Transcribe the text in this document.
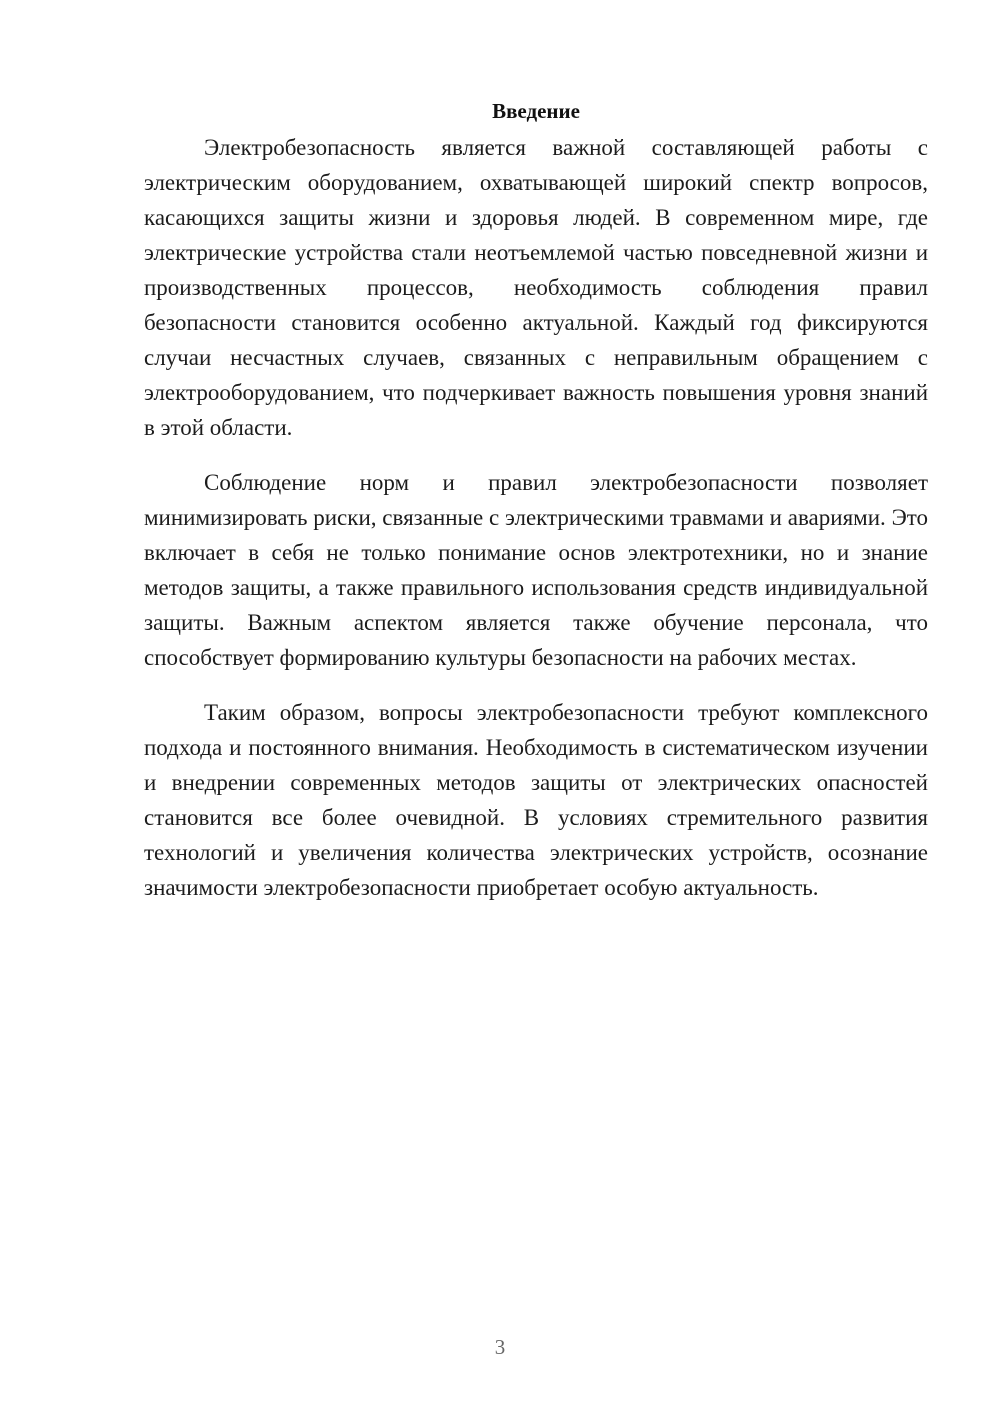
Введение

Электробезопасность является важной составляющей работы с электрическим оборудованием, охватывающей широкий спектр вопросов, касающихся защиты жизни и здоровья людей. В современном мире, где электрические устройства стали неотъемлемой частью повседневной жизни и производственных процессов, необходимость соблюдения правил безопасности становится особенно актуальной. Каждый год фиксируются случаи несчастных случаев, связанных с неправильным обращением с электрооборудованием, что подчеркивает важность повышения уровня знаний в этой области.

Соблюдение норм и правил электробезопасности позволяет минимизировать риски, связанные с электрическими травмами и авариями. Это включает в себя не только понимание основ электротехники, но и знание методов защиты, а также правильного использования средств индивидуальной защиты. Важным аспектом является также обучение персонала, что способствует формированию культуры безопасности на рабочих местах.

Таким образом, вопросы электробезопасности требуют комплексного подхода и постоянного внимания. Необходимость в систематическом изучении и внедрении современных методов защиты от электрических опасностей становится все более очевидной. В условиях стремительного развития технологий и увеличения количества электрических устройств, осознание значимости электробезопасности приобретает особую актуальность.

3
